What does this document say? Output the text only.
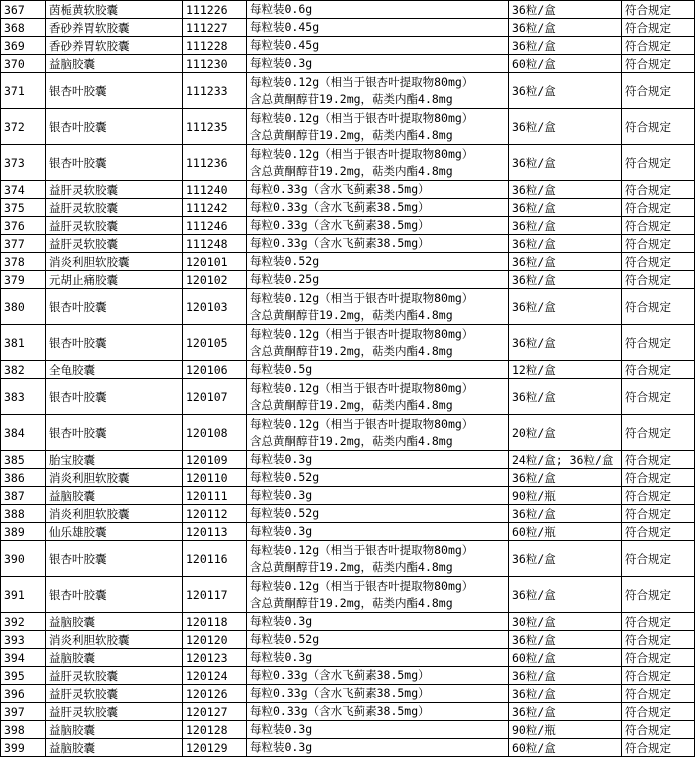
367	茵栀黄软胶囊	111226	每粒装0.6g	36粒/盒	符合规定
368	香砂养胃软胶囊	111227	每粒装0.45g	36粒/盒	符合规定
369	香砂养胃软胶囊	111228	每粒装0.45g	36粒/盒	符合规定
370	益脑胶囊	111230	每粒装0.3g	60粒/盒	符合规定
371	银杏叶胶囊	111233	每粒装0.12g（相当于银杏叶提取物80mg）
含总黄酮醇苷19.2mg，萜类内酯4.8mg	36粒/盒	符合规定
372	银杏叶胶囊	111235	每粒装0.12g（相当于银杏叶提取物80mg）
含总黄酮醇苷19.2mg，萜类内酯4.8mg	36粒/盒	符合规定
373	银杏叶胶囊	111236	每粒装0.12g（相当于银杏叶提取物80mg）
含总黄酮醇苷19.2mg，萜类内酯4.8mg	36粒/盒	符合规定
374	益肝灵软胶囊	111240	每粒0.33g（含水飞蓟素38.5mg）	36粒/盒	符合规定
375	益肝灵软胶囊	111242	每粒0.33g（含水飞蓟素38.5mg）	36粒/盒	符合规定
376	益肝灵软胶囊	111246	每粒0.33g（含水飞蓟素38.5mg）	36粒/盒	符合规定
377	益肝灵软胶囊	111248	每粒0.33g（含水飞蓟素38.5mg）	36粒/盒	符合规定
378	消炎利胆软胶囊	120101	每粒装0.52g	36粒/盒	符合规定
379	元胡止痛胶囊	120102	每粒装0.25g	36粒/盒	符合规定
380	银杏叶胶囊	120103	每粒装0.12g（相当于银杏叶提取物80mg）
含总黄酮醇苷19.2mg，萜类内酯4.8mg	36粒/盒	符合规定
381	银杏叶胶囊	120105	每粒装0.12g（相当于银杏叶提取物80mg）
含总黄酮醇苷19.2mg，萜类内酯4.8mg	36粒/盒	符合规定
382	全龟胶囊	120106	每粒装0.5g	12粒/盒	符合规定
383	银杏叶胶囊	120107	每粒装0.12g（相当于银杏叶提取物80mg）
含总黄酮醇苷19.2mg，萜类内酯4.8mg	36粒/盒	符合规定
384	银杏叶胶囊	120108	每粒装0.12g（相当于银杏叶提取物80mg）
含总黄酮醇苷19.2mg，萜类内酯4.8mg	20粒/盒	符合规定
385	胎宝胶囊	120109	每粒装0.3g	24粒/盒; 36粒/盒	符合规定
386	消炎利胆软胶囊	120110	每粒装0.52g	36粒/盒	符合规定
387	益脑胶囊	120111	每粒装0.3g	90粒/瓶	符合规定
388	消炎利胆软胶囊	120112	每粒装0.52g	36粒/盒	符合规定
389	仙乐雄胶囊	120113	每粒装0.3g	60粒/瓶	符合规定
390	银杏叶胶囊	120116	每粒装0.12g（相当于银杏叶提取物80mg）
含总黄酮醇苷19.2mg，萜类内酯4.8mg	36粒/盒	符合规定
391	银杏叶胶囊	120117	每粒装0.12g（相当于银杏叶提取物80mg）
含总黄酮醇苷19.2mg，萜类内酯4.8mg	36粒/盒	符合规定
392	益脑胶囊	120118	每粒装0.3g	30粒/盒	符合规定
393	消炎利胆软胶囊	120120	每粒装0.52g	36粒/盒	符合规定
394	益脑胶囊	120123	每粒装0.3g	60粒/盒	符合规定
395	益肝灵软胶囊	120124	每粒0.33g（含水飞蓟素38.5mg）	36粒/盒	符合规定
396	益肝灵软胶囊	120126	每粒0.33g（含水飞蓟素38.5mg）	36粒/盒	符合规定
397	益肝灵软胶囊	120127	每粒0.33g（含水飞蓟素38.5mg）	36粒/盒	符合规定
398	益脑胶囊	120128	每粒装0.3g	90粒/瓶	符合规定
399	益脑胶囊	120129	每粒装0.3g	60粒/盒	符合规定
